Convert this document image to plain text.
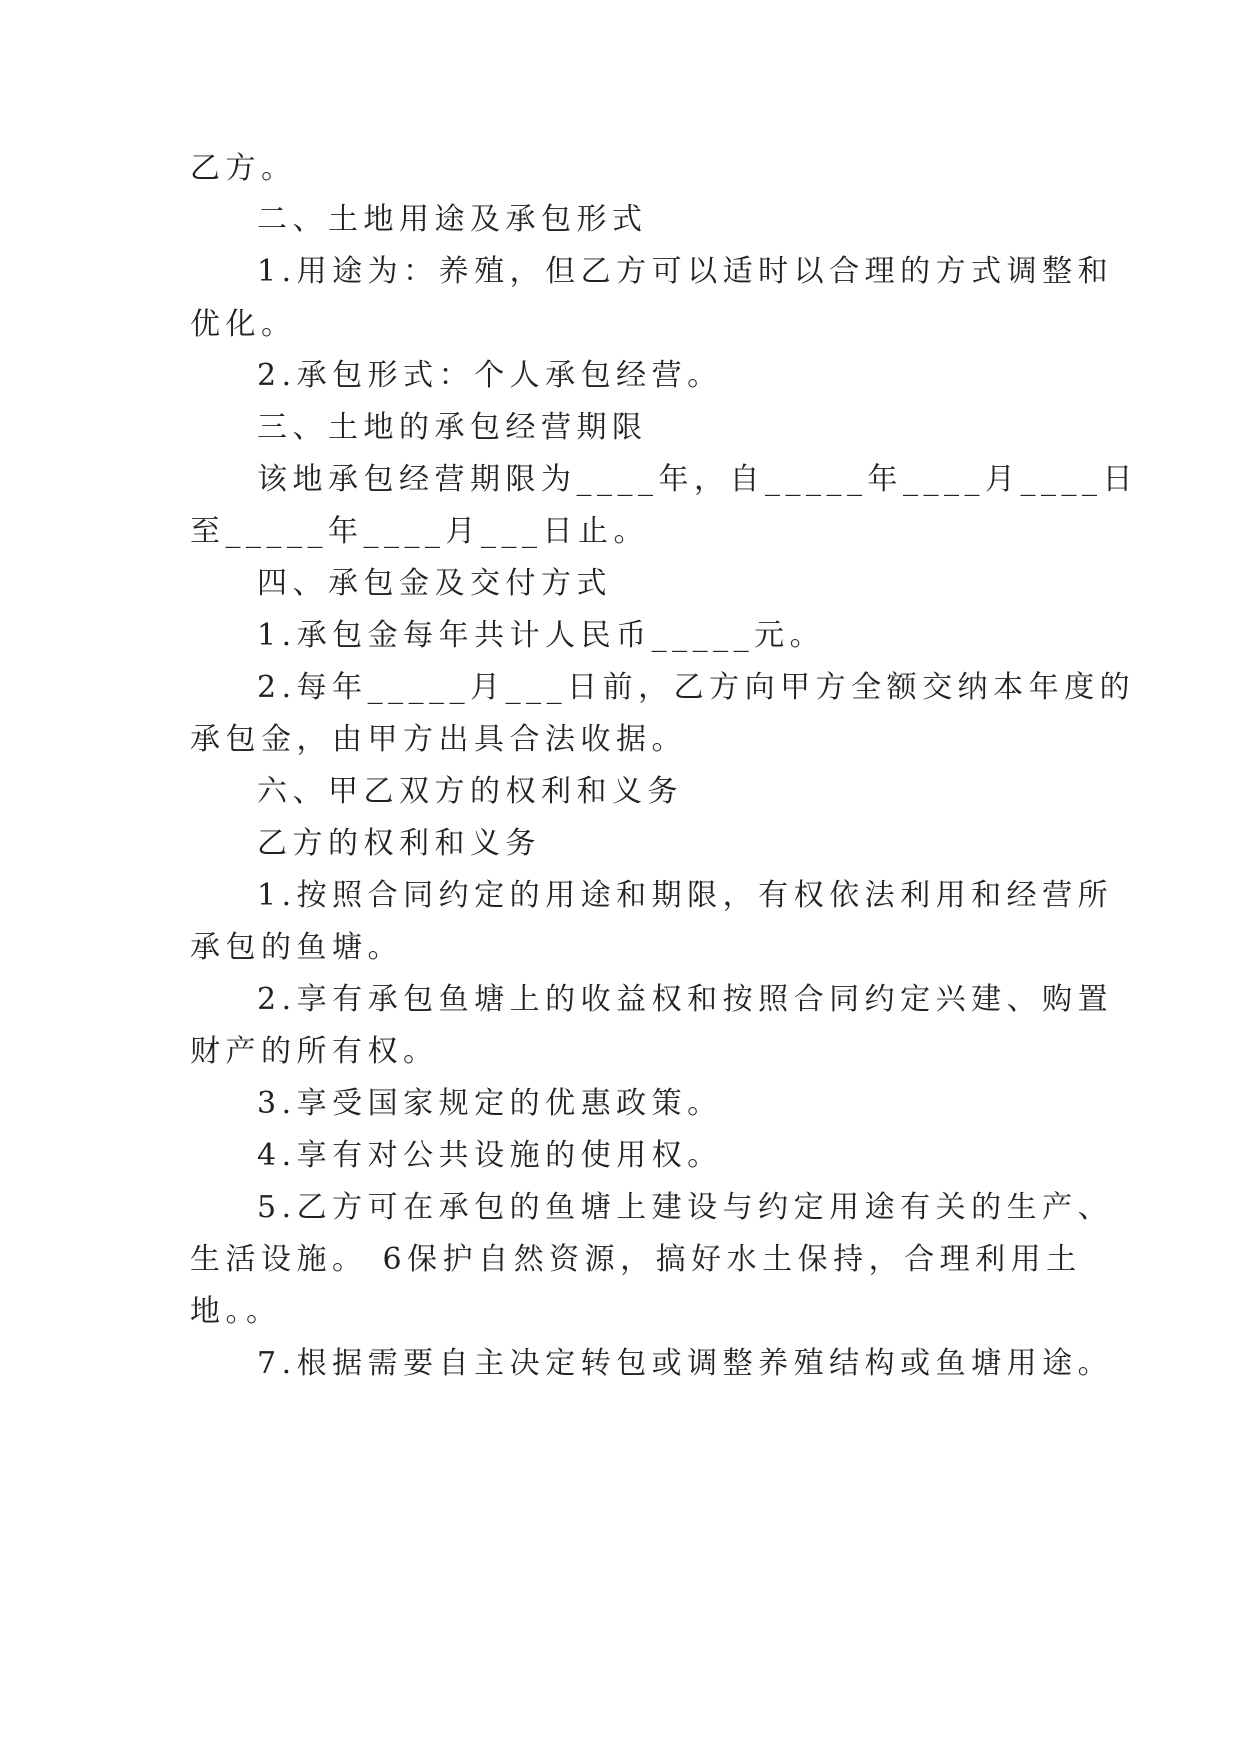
乙方。
二、土地用途及承包形式
1.用途为：养殖，但乙方可以适时以合理的方式调整和
优化。
2.承包形式：个人承包经营。
三、土地的承包经营期限
该地承包经营期限为____年，自_____年____月____日
至_____年____月___日止。
四、承包金及交付方式
1.承包金每年共计人民币_____元。
2.每年_____月___日前，乙方向甲方全额交纳本年度的
承包金，由甲方出具合法收据。
六、甲乙双方的权利和义务
乙方的权利和义务
1.按照合同约定的用途和期限，有权依法利用和经营所
承包的鱼塘。
2.享有承包鱼塘上的收益权和按照合同约定兴建、购置
财产的所有权。
3.享受国家规定的优惠政策。
4.享有对公共设施的使用权。
5.乙方可在承包的鱼塘上建设与约定用途有关的生产、
生活设施。 6保护自然资源，搞好水土保持，合理利用土
地。。
7.根据需要自主决定转包或调整养殖结构或鱼塘用途。
